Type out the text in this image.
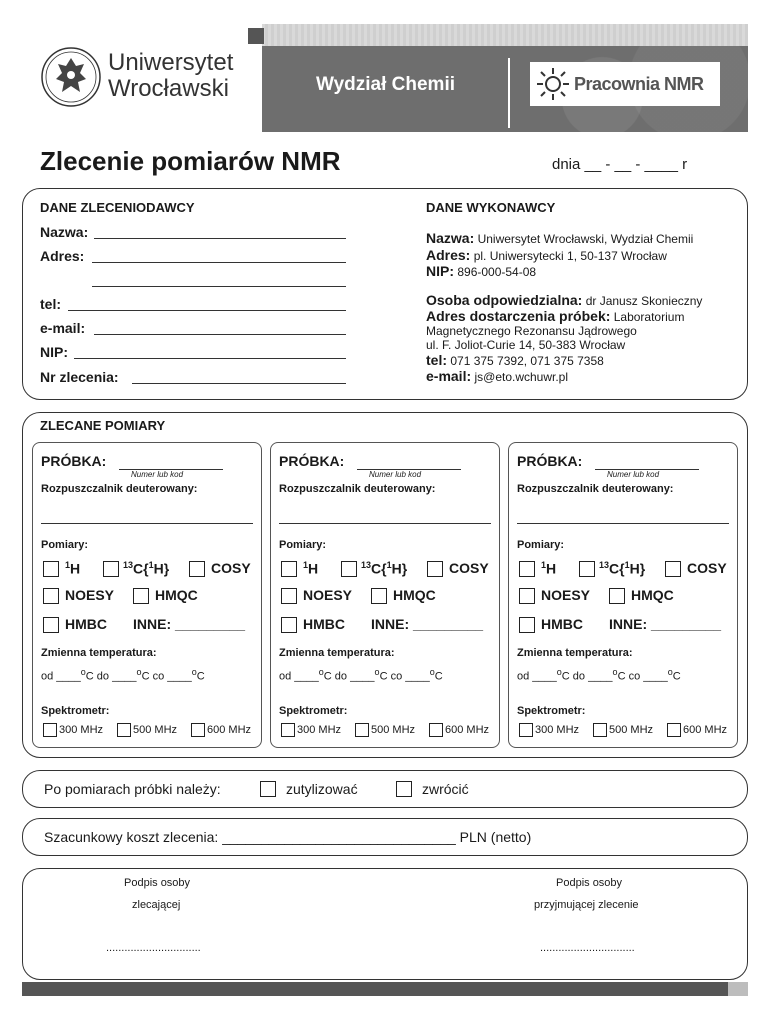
Uniwersytet
Wrocławski	Wydział Chemii	Pracownia NMR
Zlecenie pomiarów NMR	dnia __ - __ - ____ r
DANE ZLECENIODAWCY	DANE WYKONAWCY
Nazwa:
Adres:
tel:
e-mail:
NIP:
Nr zlecenia:
Nazwa: Uniwersytet Wrocławski, Wydział Chemii
Adres: pl. Uniwersytecki 1, 50-137 Wrocław
NIP: 896-000-54-08
Osoba odpowiedzialna: dr Janusz Skonieczny
Adres dostarczenia próbek: Laboratorium
Magnetycznego Rezonansu Jądrowego
ul. F. Joliot-Curie 14, 50-383 Wrocław
tel: 071 375 7392, 071 375 7358
e-mail: js@eto.wchuwr.pl
ZLECANE POMIARY
PRÓBKA:
Numer lub kod
Rozpuszczalnik deuterowany:
Pomiary:
$^1$H	$^{13}$C{$^1$H}	COSY
NOESY	HMQC
HMBC INNE: _________
Zmienna temperatura:
od ____$^o$C do ____$^o$C co ____$^o$C
Spektrometr:
300 MHz	500 MHz	600 MHz
PRÓBKA:
Numer lub kod
Rozpuszczalnik deuterowany:
Pomiary:
$^1$H	$^{13}$C{$^1$H}	COSY
NOESY	HMQC
HMBC INNE: _________
Zmienna temperatura:
od ____$^o$C do ____$^o$C co ____$^o$C
Spektrometr:
300 MHz	500 MHz	600 MHz
PRÓBKA:
Numer lub kod
Rozpuszczalnik deuterowany:
Pomiary:
$^1$H	$^{13}$C{$^1$H}	COSY
NOESY	HMQC
HMBC INNE: _________
Zmienna temperatura:
od ____$^o$C do ____$^o$C co ____$^o$C
Spektrometr:
300 MHz	500 MHz	600 MHz
Po pomiarach próbki należy:	zutylizować	zwrócić
Szacunkowy koszt zlecenia: ______________________________ PLN (netto)
Podpis osoby
zlecającej
...............................
Podpis osoby
przyjmującej zlecenie
...............................
